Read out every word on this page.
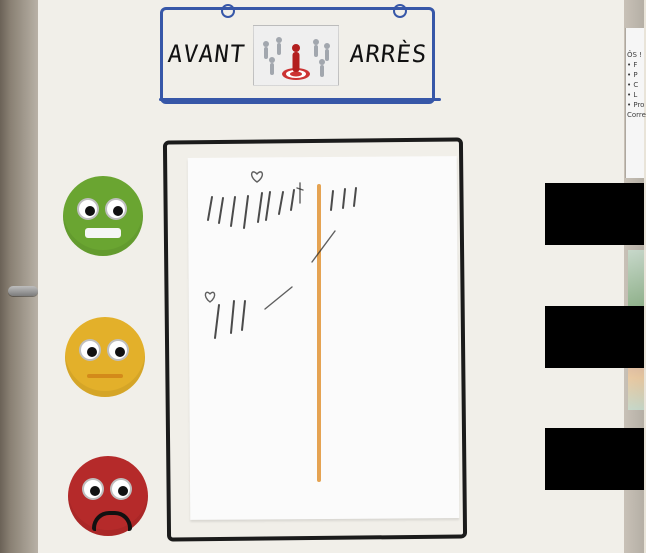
ÔS !
• F
• P
• C
• L
• Pro
Corre
AVANT	ARRÈS
